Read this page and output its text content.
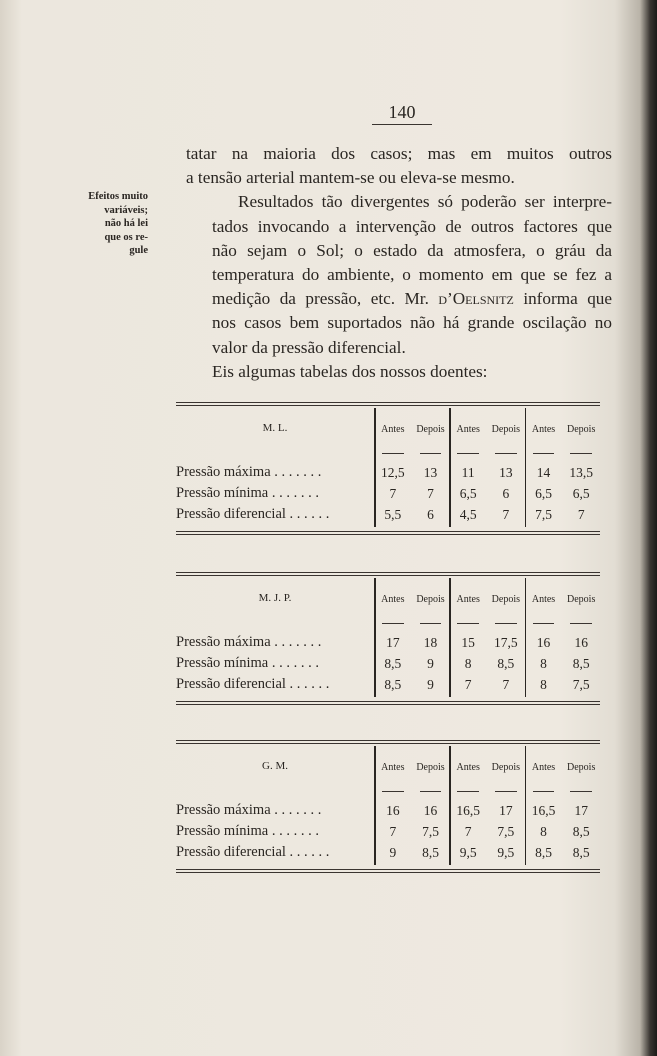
140
Efeitos muito
variáveis;
não há lei
que os re-
gule

tatar na maioria dos casos; mas em muitos outros
a tensão arterial mantem-se ou eleva-se mesmo.

Resultados tão divergentes só poderão ser interpre-
tados invocando a intervenção de outros factores que
não sejam o Sol; o estado da atmosfera, o gráu da
temperatura do ambiente, o momento em que se fez a
medição da pressão, etc. Mr. d’Oelsnitz informa que
nos casos bem suportados não há grande oscilação no
valor da pressão diferencial.

Eis algumas tabelas dos nossos doentes:

M. L.	Antes	Depois	Antes	Depois	Antes	Depois
Pressão máxima . . . . . . .	12,5	13	11	13	14	13,5
Pressão mínima . . . . . . .	7	7	6,5	6	6,5	6,5
Pressão diferencial . . . . . .	5,5	6	4,5	7	7,5	7
M. J. P.	Antes	Depois	Antes	Depois	Antes	Depois
Pressão máxima . . . . . . .	17	18	15	17,5	16	16
Pressão mínima . . . . . . .	8,5	9	8	8,5	8	8,5
Pressão diferencial . . . . . .	8,5	9	7	7	8	7,5
G. M.	Antes	Depois	Antes	Depois	Antes	Depois
Pressão máxima . . . . . . .	16	16	16,5	17	16,5	17
Pressão mínima . . . . . . .	7	7,5	7	7,5	8	8,5
Pressão diferencial . . . . . .	9	8,5	9,5	9,5	8,5	8,5
